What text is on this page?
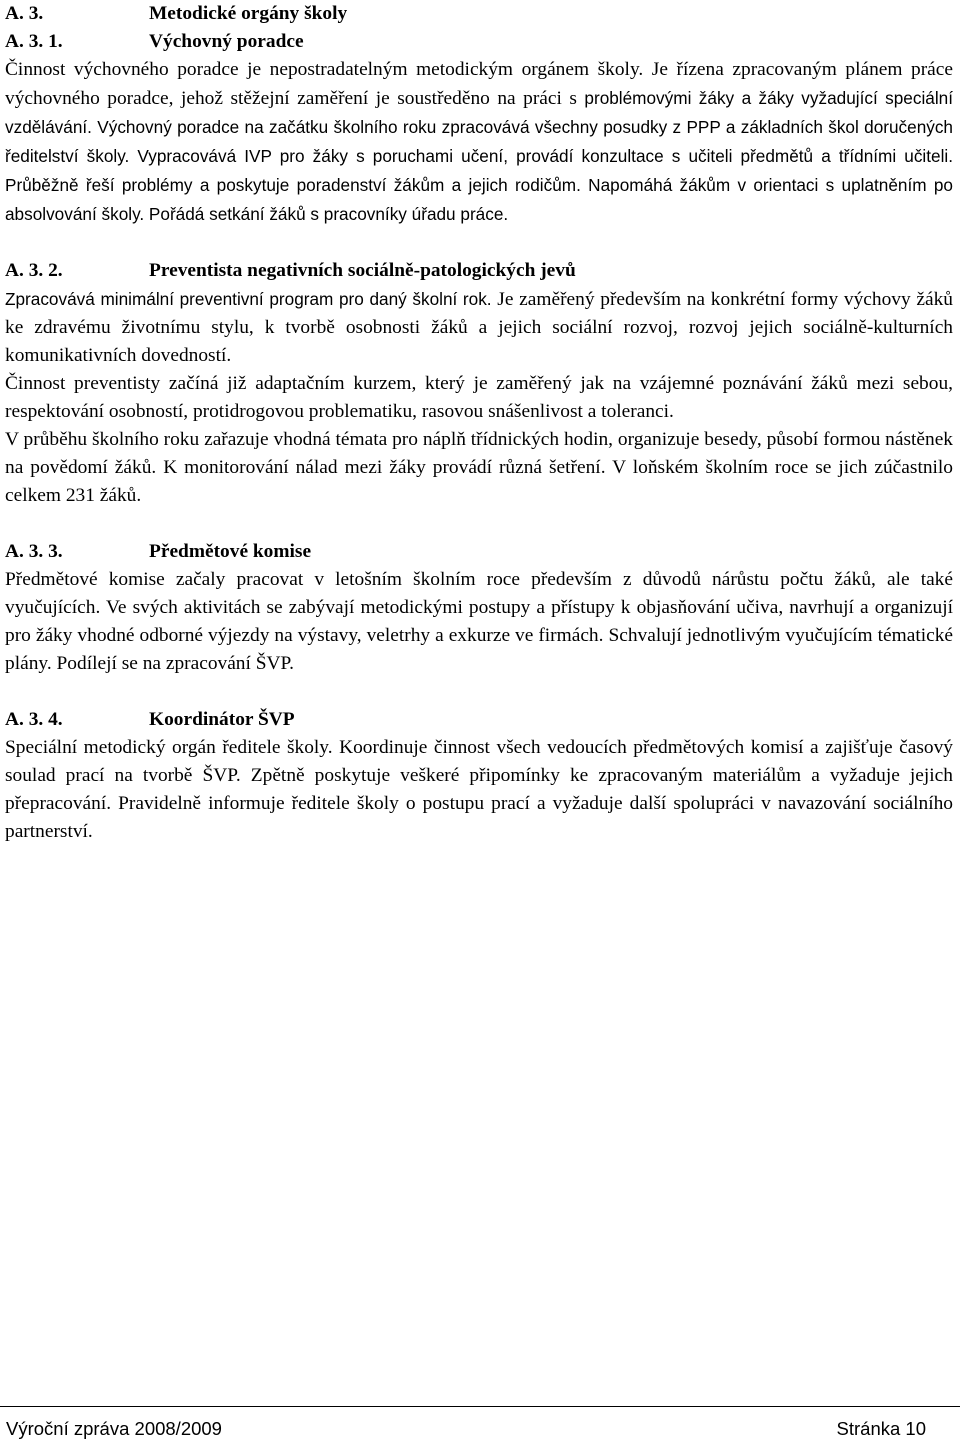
A. 3.	Metodické orgány školy
A. 3. 1.	Výchovný poradce

Činnost výchovného poradce je nepostradatelným metodickým orgánem školy. Je řízena zpracovaným plánem práce výchovného poradce, jehož stěžejní zaměření je soustředěno na práci s problémovými žáky a žáky vyžadující speciální vzdělávání. Výchovný poradce na začátku školního roku zpracovává všechny posudky z PPP a základních škol doručených ředitelství školy. Vypracovává IVP pro žáky s poruchami učení, provádí konzultace s učiteli předmětů a třídními učiteli. Průběžně řeší problémy a poskytuje poradenství žákům a jejich rodičům. Napomáhá žákům v orientaci s uplatněním po absolvování školy. Pořádá setkání žáků s pracovníky úřadu práce.

A. 3. 2.	Preventista negativních sociálně-patologických jevů

Zpracovává minimální preventivní program pro daný školní rok. Je zaměřený především na konkrétní formy výchovy žáků ke zdravému životnímu stylu, k tvorbě osobnosti žáků a jejich sociální rozvoj, rozvoj jejich sociálně-kulturních komunikativních dovedností.

Činnost preventisty začíná již adaptačním kurzem, který je zaměřený jak na vzájemné poznávání žáků mezi sebou, respektování osobností, protidrogovou problematiku, rasovou snášenlivost a toleranci.

V průběhu školního roku zařazuje vhodná témata pro náplň třídnických hodin, organizuje besedy, působí formou nástěnek na povědomí žáků. K monitorování nálad mezi žáky provádí různá šetření. V loňském školním roce se jich zúčastnilo celkem 231 žáků.

A. 3. 3.	Předmětové komise

Předmětové komise začaly pracovat v letošním školním roce především z důvodů nárůstu počtu žáků, ale také vyučujících. Ve svých aktivitách se zabývají metodickými postupy a přístupy k objasňování učiva, navrhují a organizují pro žáky vhodné odborné výjezdy na výstavy, veletrhy a exkurze ve firmách. Schvalují jednotlivým vyučujícím tématické plány. Podílejí se na zpracování ŠVP.

A. 3. 4.	Koordinátor ŠVP

Speciální metodický orgán ředitele školy. Koordinuje činnost všech vedoucích předmětových komisí a zajišťuje časový soulad prací na tvorbě ŠVP. Zpětně poskytuje veškeré připomínky ke zpracovaným materiálům a vyžaduje jejich přepracování. Pravidelně informuje ředitele školy o postupu prací a vyžaduje další spolupráci v navazování sociálního partnerství.

Výroční zpráva 2008/2009	Stránka 10
